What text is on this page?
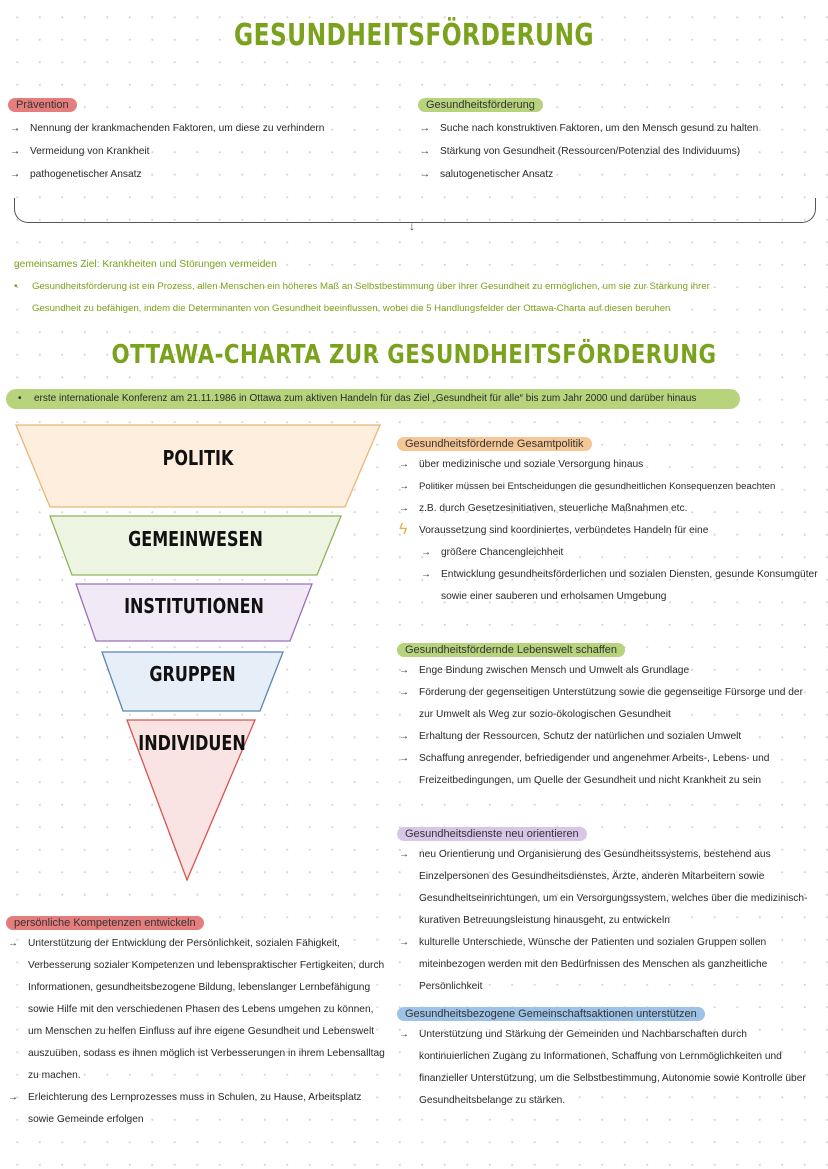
GESUNDHEITSFÖRDERUNG
Prävention
→ Nennung der krankmachenden Faktoren, um diese zu verhindern
→ Vermeidung von Krankheit
→ pathogenetischer Ansatz
Gesundheitsförderung
→ Suche nach konstruktiven Faktoren, um den Mensch gesund zu halten
→ Stärkung von Gesundheit (Ressourcen/Potenzial des Individuums)
→ salutogenetischer Ansatz
↓
gemeinsames Ziel: Krankheiten und Störungen vermeiden
• Gesundheitsförderung ist ein Prozess, allen Menschen ein höheres Maß an Selbstbestimmung über ihrer Gesundheit zu ermöglichen, um sie zur Stärkung ihrer
Gesundheit zu befähigen, indem die Determinanten von Gesundheit beeinflussen, wobei die 5 Handlungsfelder der Ottawa-Charta auf diesen beruhen
OTTAWA-CHARTA ZUR GESUNDHEITSFÖRDERUNG
• erste internationale Konferenz am 21.11.1986 in Ottawa zum aktiven Handeln für das Ziel „Gesundheit für alle“ bis zum Jahr 2000 und darüber hinaus
POLITIK
GEMEINWESEN
INSTITUTIONEN
GRUPPEN
INDIVIDUEN
Gesundheitsfördernde Gesamtpolitik
→ über medizinische und soziale Versorgung hinaus
→ Politiker müssen bei Entscheidungen die gesundheitlichen Konsequenzen beachten
→ z.B. durch Gesetzesinitiativen, steuerliche Maßnahmen etc.
ϟ Voraussetzung sind koordiniertes, verbündetes Handeln für eine
→ größere Chancengleichheit
→ Entwicklung gesundheitsförderlichen und sozialen Diensten, gesunde Konsumgüter sowie einer sauberen und erholsamen Umgebung
Gesundheitsfördernde Lebenswelt schaffen
→ Enge Bindung zwischen Mensch und Umwelt als Grundlage
→ Förderung der gegenseitigen Unterstützung sowie die gegenseitige Fürsorge und der zur Umwelt als Weg zur sozio-ökologischen Gesundheit
→ Erhaltung der Ressourcen, Schutz der natürlichen und sozialen Umwelt
→ Schaffung anregender, befriedigender und angenehmer Arbeits-, Lebens- und Freizeitbedingungen, um Quelle der Gesundheit und nicht Krankheit zu sein
Gesundheitsdienste neu orientieren
→ neu Orientierung und Organisierung des Gesundheitssystems, bestehend aus Einzelpersonen des Gesundheitsdienstes, Ärzte, anderen Mitarbeitern sowie Gesundheitseinrichtungen, um ein Versorgungssystem, welches über die medizinisch-kurativen Betreuungsleistung hinausgeht, zu entwickeln
→ kulturelle Unterschiede, Wünsche der Patienten und sozialen Gruppen sollen miteinbezogen werden mit den Bedürfnissen des Menschen als ganzheitliche Persönlichkeit
Gesundheitsbezogene Gemeinschaftsaktionen unterstützen
→ Unterstützung und Stärkung der Gemeinden und Nachbarschaften durch kontinuierlichen Zugang zu Informationen, Schaffung von Lernmöglichkeiten und finanzieller Unterstützung, um die Selbstbestimmung, Autonomie sowie Kontrolle über Gesundheitsbelange zu stärken.
persönliche Kompetenzen entwickeln
→ Unterstützung der Entwicklung der Persönlichkeit, sozialen Fähigkeit, Verbesserung sozialer Kompetenzen und lebenspraktischer Fertigkeiten, durch Informationen, gesundheitsbezogene Bildung, lebenslanger Lernbefähigung sowie Hilfe mit den verschiedenen Phasen des Lebens umgehen zu können, um Menschen zu helfen Einfluss auf ihre eigene Gesundheit und Lebenswelt auszuüben, sodass es ihnen möglich ist Verbesserungen in ihrem Lebensalltag zu machen.
→ Erleichterung des Lernprozesses muss in Schulen, zu Hause, Arbeitsplatz sowie Gemeinde erfolgen
